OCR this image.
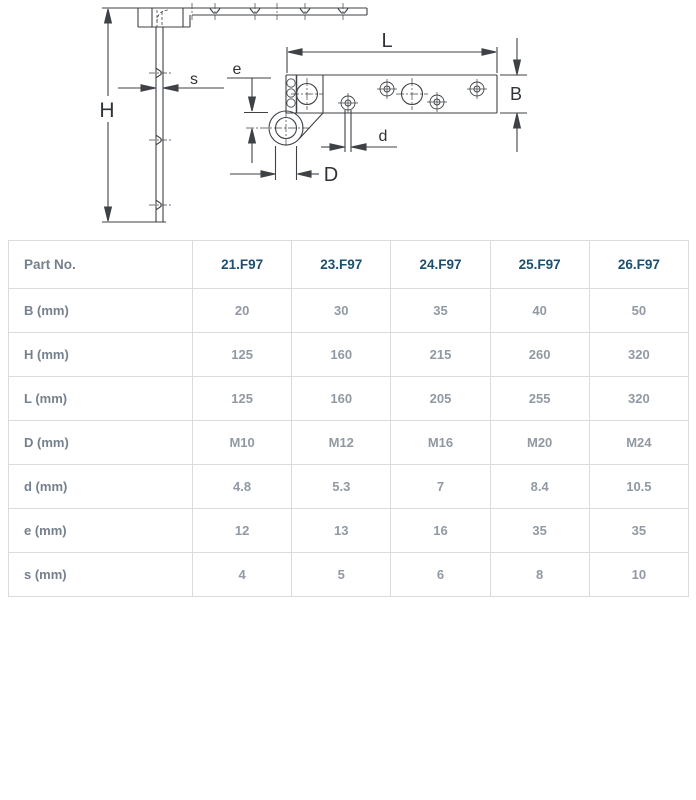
H
s
L
B
e
d
D
Part No.	21.F97	23.F97	24.F97	25.F97	26.F97
B (mm)	20	30	35	40	50
H (mm)	125	160	215	260	320
L (mm)	125	160	205	255	320
D (mm)	M10	M12	M16	M20	M24
d (mm)	4.8	5.3	7	8.4	10.5
e (mm)	12	13	16	35	35
s (mm)	4	5	6	8	10
